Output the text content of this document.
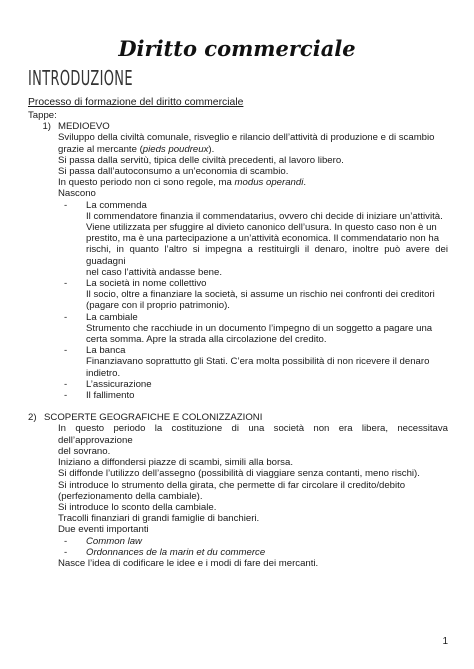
Diritto commerciale
INTRODUZIONE
Processo di formazione del diritto commerciale
Tappe:
1) MEDIOEVO
Sviluppo della civiltà comunale, risveglio e rilancio dell’attività di produzione e di scambio
grazie al mercante (pieds poudreux).
Si passa dalla servitù, tipica delle civiltà precedenti, al lavoro libero.
Si passa dall’autoconsumo a un’economia di scambio.
In questo periodo non ci sono regole, ma modus operandi.
Nascono
- La commenda
Il commendatore finanzia il commendatarius, ovvero chi decide di iniziare un’attività.
Viene utilizzata per sfuggire al divieto canonico dell’usura. In questo caso non è un
prestito, ma è una partecipazione a un’attività economica. Il commendatario non ha
rischi, in quanto l’altro si impegna a restituirgli il denaro, inoltre può avere dei guadagni
nel caso l’attività andasse bene.
- La società in nome collettivo
Il socio, oltre a finanziare la società, si assume un rischio nei confronti dei creditori
(pagare con il proprio patrimonio).
- La cambiale
Strumento che racchiude in un documento l’impegno di un soggetto a pagare una
certa somma. Apre la strada alla circolazione del credito.
- La banca
Finanziavano soprattutto gli Stati. C’era molta possibilità di non ricevere il denaro
indietro.
- L’assicurazione
- Il fallimento
2) SCOPERTE GEOGRAFICHE E COLONIZZAZIONI
In questo periodo la costituzione di una società non era libera, necessitava dell’approvazione
del sovrano.
Iniziano a diffondersi piazze di scambi, simili alla borsa.
Si diffonde l’utilizzo dell’assegno (possibilità di viaggiare senza contanti, meno rischi).
Si introduce lo strumento della girata, che permette di far circolare il credito/debito
(perfezionamento della cambiale).
Si introduce lo sconto della cambiale.
Tracolli finanziari di grandi famiglie di banchieri.
Due eventi importanti
- Common law
- Ordonnances de la marin et du commerce
Nasce l’idea di codificare le idee e i modi di fare dei mercanti.
1
